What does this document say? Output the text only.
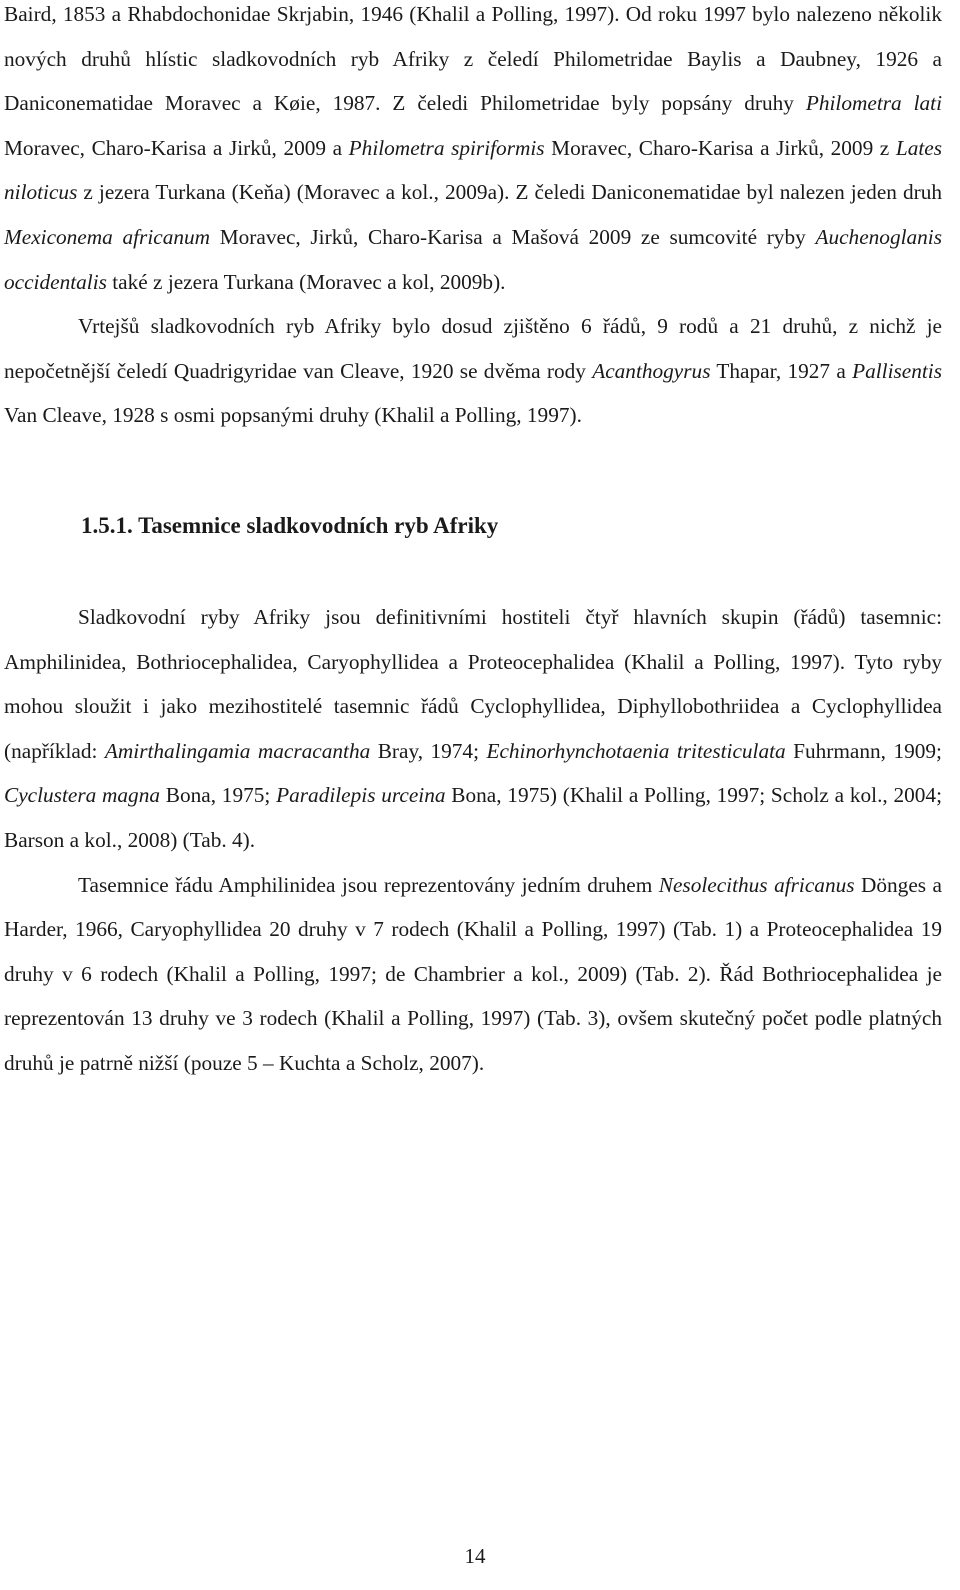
Baird, 1853 a Rhabdochonidae Skrjabin, 1946 (Khalil a Polling, 1997). Od roku 1997 bylo nalezeno několik nových druhů hlístic sladkovodních ryb Afriky z čeledí Philometridae Baylis a Daubney, 1926 a Daniconematidae Moravec a Køie, 1987. Z čeledi Philometridae byly popsány druhy Philometra lati Moravec, Charo-Karisa a Jirků, 2009 a Philometra spiriformis Moravec, Charo-Karisa a Jirků, 2009 z Lates niloticus z jezera Turkana (Keňa) (Moravec a kol., 2009a). Z čeledi Daniconematidae byl nalezen jeden druh Mexiconema africanum Moravec, Jirků, Charo-Karisa a Mašová 2009 ze sumcovité ryby Auchenoglanis occidentalis také z jezera Turkana (Moravec a kol, 2009b).

Vrtejšů sladkovodních ryb Afriky bylo dosud zjištěno 6 řádů, 9 rodů a 21 druhů, z nichž je nepočetnější čeledí Quadrigyridae van Cleave, 1920 se dvěma rody Acanthogyrus Thapar, 1927 a Pallisentis Van Cleave, 1928 s osmi popsanými druhy (Khalil a Polling, 1997).

1.5.1. Tasemnice sladkovodních ryb Afriky

Sladkovodní ryby Afriky jsou definitivními hostiteli čtyř hlavních skupin (řádů) tasemnic: Amphilinidea, Bothriocephalidea, Caryophyllidea a Proteocephalidea (Khalil a Polling, 1997). Tyto ryby mohou sloužit i jako mezihostitelé tasemnic řádů Cyclophyllidea, Diphyllobothriidea a Cyclophyllidea (například: Amirthalingamia macracantha Bray, 1974; Echinorhynchotaenia tritesticulata Fuhrmann, 1909; Cyclustera magna Bona, 1975; Paradilepis urceina Bona, 1975) (Khalil a Polling, 1997; Scholz a kol., 2004; Barson a kol., 2008) (Tab. 4).

Tasemnice řádu Amphilinidea jsou reprezentovány jedním druhem Nesolecithus africanus Dönges a Harder, 1966, Caryophyllidea 20 druhy v 7 rodech (Khalil a Polling, 1997) (Tab. 1) a Proteocephalidea 19 druhy v 6 rodech (Khalil a Polling, 1997; de Chambrier a kol., 2009) (Tab. 2). Řád Bothriocephalidea je reprezentován 13 druhy ve 3 rodech (Khalil a Polling, 1997) (Tab. 3), ovšem skutečný počet podle platných druhů je patrně nižší (pouze 5 – Kuchta a Scholz, 2007).

14
